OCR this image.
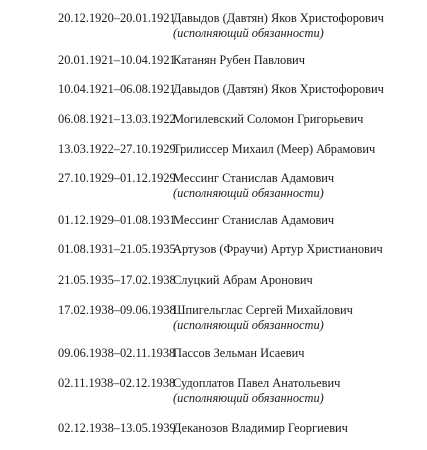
20.12.1920–20.01.1921
Давыдов (Давтян) Яков Христофорович
(исполняющий обязанности)
20.01.1921–10.04.1921
Катанян Рубен Павлович
10.04.1921–06.08.1921
Давыдов (Давтян) Яков Христофорович
06.08.1921–13.03.1922
Могилевский Соломон Григорьевич
13.03.1922–27.10.1929
Трилиссер Михаил (Меер) Абрамович
27.10.1929–01.12.1929
Мессинг Станислав Адамович
(исполняющий обязанности)
01.12.1929–01.08.1931
Мессинг Станислав Адамович
01.08.1931–21.05.1935
Артузов (Фраучи) Артур Христианович
21.05.1935–17.02.1938
Слуцкий Абрам Аронович
17.02.1938–09.06.1938
Шпигельглас Сергей Михайлович
(исполняющий обязанности)
09.06.1938–02.11.1938
Пассов Зельман Исаевич
02.11.1938–02.12.1938
Судоплатов Павел Анатольевич
(исполняющий обязанности)
02.12.1938–13.05.1939
Деканозов Владимир Георгиевич
